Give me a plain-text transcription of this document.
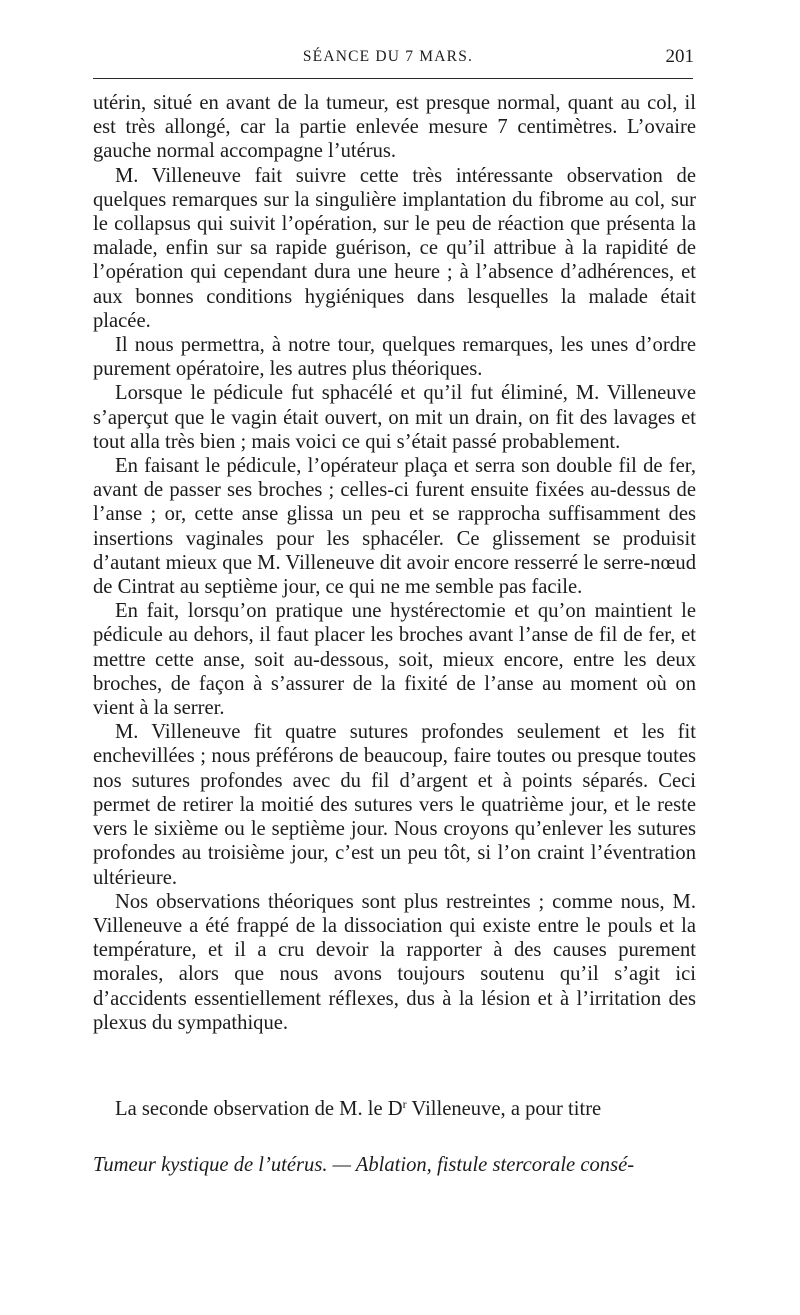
SÉANCE DU 7 MARS.	201

utérin, situé en avant de la tumeur, est presque normal, quant au col, il est très allongé, car la partie enlevée mesure 7 centimètres. L’ovaire gauche normal accompagne l’utérus.

M. Villeneuve fait suivre cette très intéressante observation de quelques remarques sur la singulière implantation du fibrome au col, sur le collapsus qui suivit l’opération, sur le peu de réaction que présenta la malade, enfin sur sa rapide guérison, ce qu’il attribue à la rapidité de l’opération qui cependant dura une heure ; à l’absence d’adhérences, et aux bonnes conditions hygiéniques dans lesquelles la malade était placée.

Il nous permettra, à notre tour, quelques remarques, les unes d’ordre purement opératoire, les autres plus théoriques.

Lorsque le pédicule fut sphacélé et qu’il fut éliminé, M. Villeneuve s’aperçut que le vagin était ouvert, on mit un drain, on fit des lavages et tout alla très bien ; mais voici ce qui s’était passé probablement.

En faisant le pédicule, l’opérateur plaça et serra son double fil de fer, avant de passer ses broches ; celles-ci furent ensuite fixées au-dessus de l’anse ; or, cette anse glissa un peu et se rapprocha suffisamment des insertions vaginales pour les sphacéler. Ce glissement se produisit d’autant mieux que M. Villeneuve dit avoir encore resserré le serre-nœud de Cintrat au septième jour, ce qui ne me semble pas facile.

En fait, lorsqu’on pratique une hystérectomie et qu’on maintient le pédicule au dehors, il faut placer les broches avant l’anse de fil de fer, et mettre cette anse, soit au-dessous, soit, mieux encore, entre les deux broches, de façon à s’assurer de la fixité de l’anse au moment où on vient à la serrer.

M. Villeneuve fit quatre sutures profondes seulement et les fit enchevillées ; nous préférons de beaucoup, faire toutes ou presque toutes nos sutures profondes avec du fil d’argent et à points séparés. Ceci permet de retirer la moitié des sutures vers le quatrième jour, et le reste vers le sixième ou le septième jour. Nous croyons qu’enlever les sutures profondes au troisième jour, c’est un peu tôt, si l’on craint l’éventration ultérieure.

Nos observations théoriques sont plus restreintes ; comme nous, M. Villeneuve a été frappé de la dissociation qui existe entre le pouls et la température, et il a cru devoir la rapporter à des causes purement morales, alors que nous avons toujours soutenu qu’il s’agit ici d’accidents essentiellement réflexes, dus à la lésion et à l’irritation des plexus du sympathique.

La seconde observation de M. le $D^r$ Villeneuve, a pour titre
Tumeur kystique de l’utérus. — Ablation, fistule stercorale consé-
